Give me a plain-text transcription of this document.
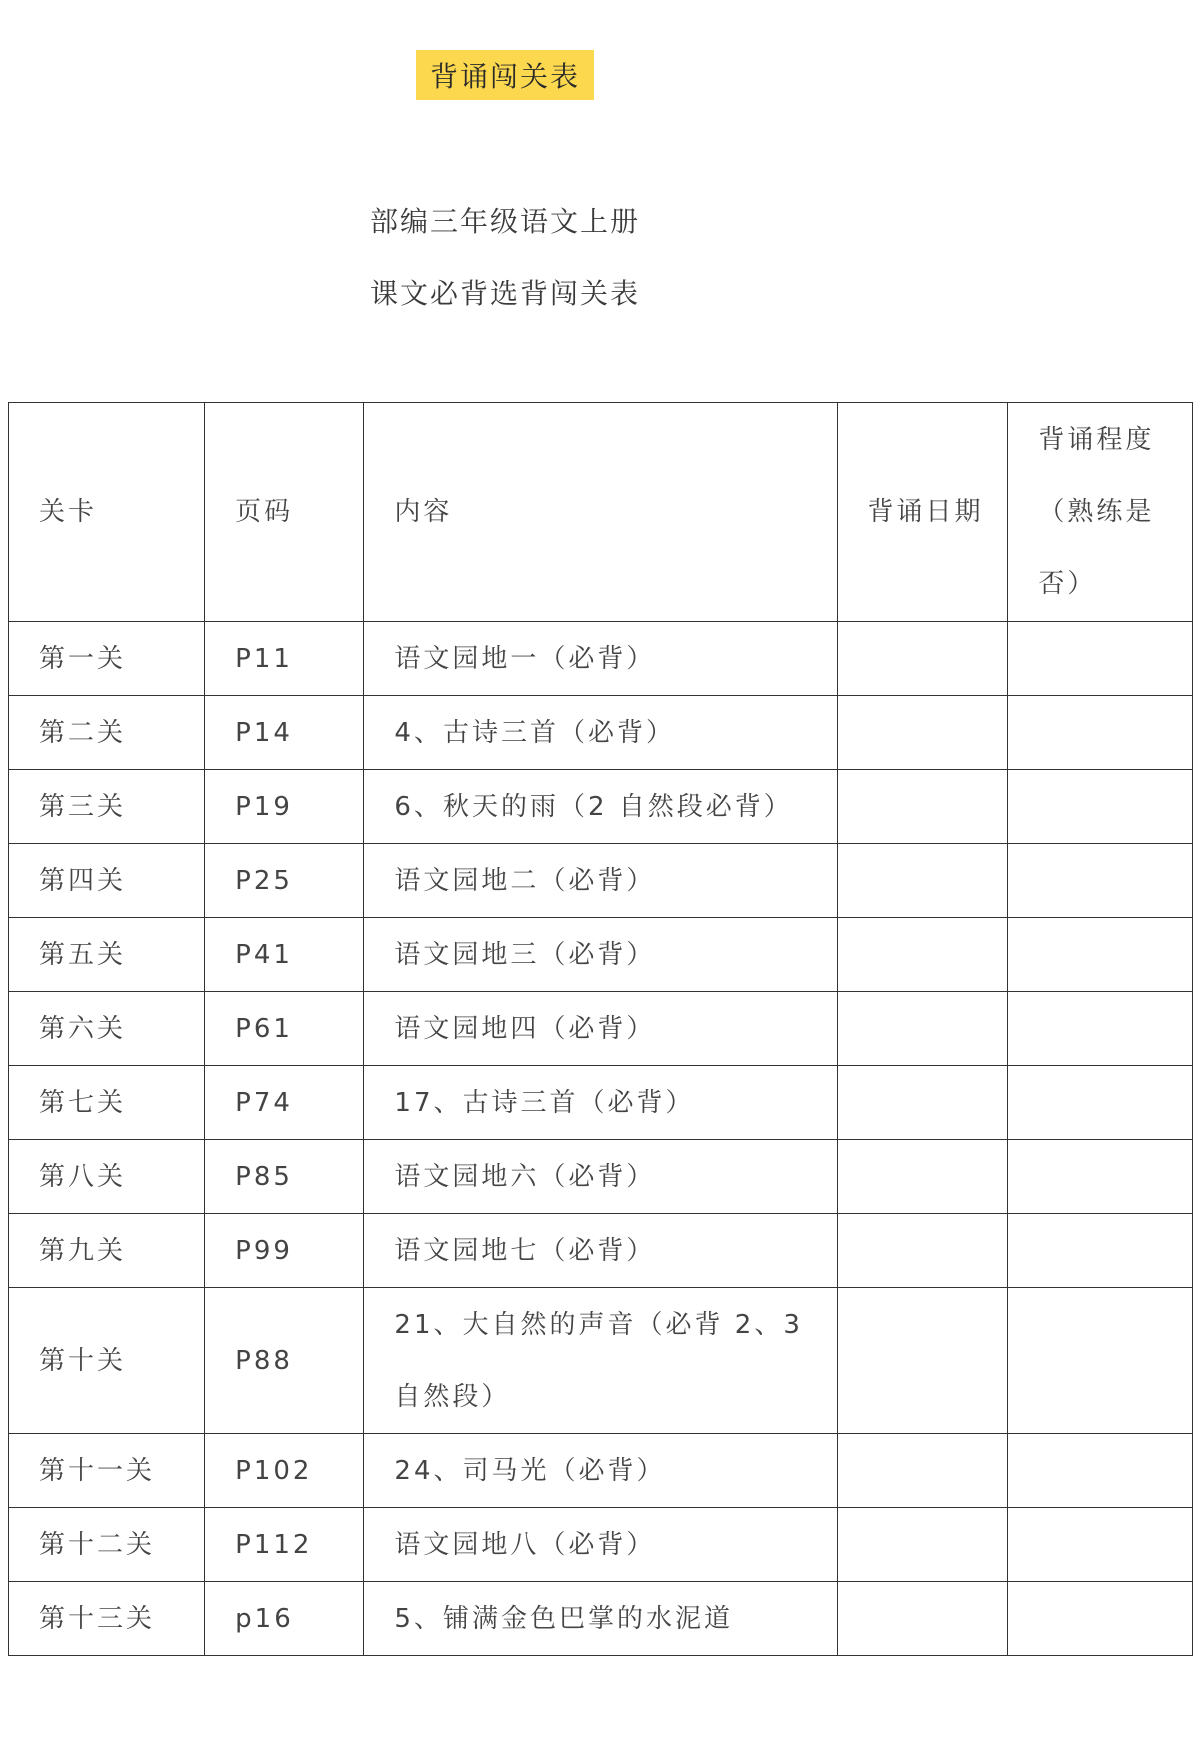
背诵闯关表
部编三年级语文上册
课文必背选背闯关表
关卡	页码	内容	背诵日期	背诵程度（熟练是否）
第一关	P11	语文园地一（必背）		
第二关	P14	4、古诗三首（必背）		
第三关	P19	6、秋天的雨（2 自然段必背）		
第四关	P25	语文园地二（必背）		
第五关	P41	语文园地三（必背）		
第六关	P61	语文园地四（必背）		
第七关	P74	17、古诗三首（必背）		
第八关	P85	语文园地六（必背）		
第九关	P99	语文园地七（必背）		
第十关	P88	21、大自然的声音（必背 2、3 自然段）		
第十一关	P102	24、司马光（必背）		
第十二关	P112	语文园地八（必背）		
第十三关	p16	5、铺满金色巴掌的水泥道		
